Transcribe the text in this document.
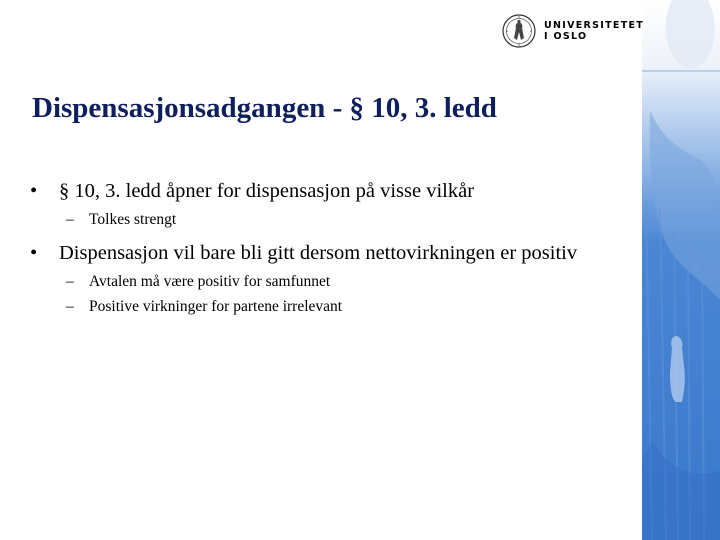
UNIVERSITETET
I OSLO
Dispensasjonsadgangen - § 10, 3. ledd
• § 10, 3. ledd åpner for dispensasjon på visse vilkår
– Tolkes strengt
• Dispensasjon vil bare bli gitt dersom nettovirkningen er positiv
– Avtalen må være positiv for samfunnet
– Positive virkninger for partene irrelevant
